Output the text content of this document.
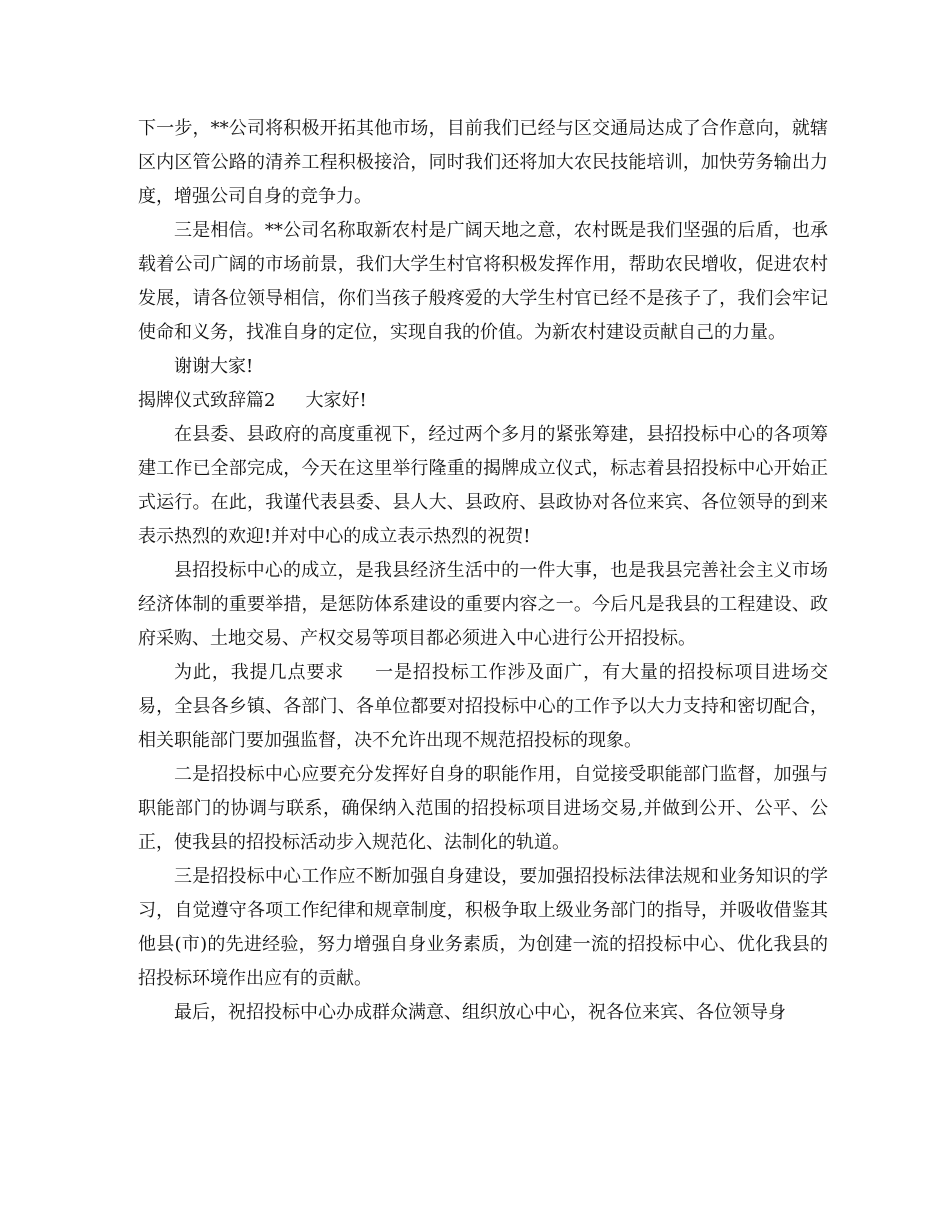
下一步，**公司将积极开拓其他市场，目前我们已经与区交通局达成了合作意向，就辖区内区管公路的清养工程积极接洽，同时我们还将加大农民技能培训，加快劳务输出力度，增强公司自身的竞争力。

三是相信。**公司名称取新农村是广阔天地之意，农村既是我们坚强的后盾，也承载着公司广阔的市场前景，我们大学生村官将积极发挥作用，帮助农民增收，促进农村发展，请各位领导相信，你们当孩子般疼爱的大学生村官已经不是孩子了，我们会牢记使命和义务，找准自身的定位，实现自我的价值。为新农村建设贡献自己的力量。

谢谢大家!

揭牌仪式致辞篇2 大家好!

在县委、县政府的高度重视下，经过两个多月的紧张筹建，县招投标中心的各项筹建工作已全部完成，今天在这里举行隆重的揭牌成立仪式，标志着县招投标中心开始正式运行。在此，我谨代表县委、县人大、县政府、县政协对各位来宾、各位领导的到来表示热烈的欢迎!并对中心的成立表示热烈的祝贺!

县招投标中心的成立，是我县经济生活中的一件大事，也是我县完善社会主义市场经济体制的重要举措，是惩防体系建设的重要内容之一。今后凡是我县的工程建设、政府采购、土地交易、产权交易等项目都必须进入中心进行公开招投标。

为此，我提几点要求 一是招投标工作涉及面广，有大量的招投标项目进场交易，全县各乡镇、各部门、各单位都要对招投标中心的工作予以大力支持和密切配合，相关职能部门要加强监督，决不允许出现不规范招投标的现象。

二是招投标中心应要充分发挥好自身的职能作用，自觉接受职能部门监督，加强与职能部门的协调与联系，确保纳入范围的招投标项目进场交易,并做到公开、公平、公正，使我县的招投标活动步入规范化、法制化的轨道。

三是招投标中心工作应不断加强自身建设，要加强招投标法律法规和业务知识的学习，自觉遵守各项工作纪律和规章制度，积极争取上级业务部门的指导，并吸收借鉴其他县(市)的先进经验，努力增强自身业务素质，为创建一流的招投标中心、优化我县的招投标环境作出应有的贡献。

最后，祝招投标中心办成群众满意、组织放心中心，祝各位来宾、各位领导身
